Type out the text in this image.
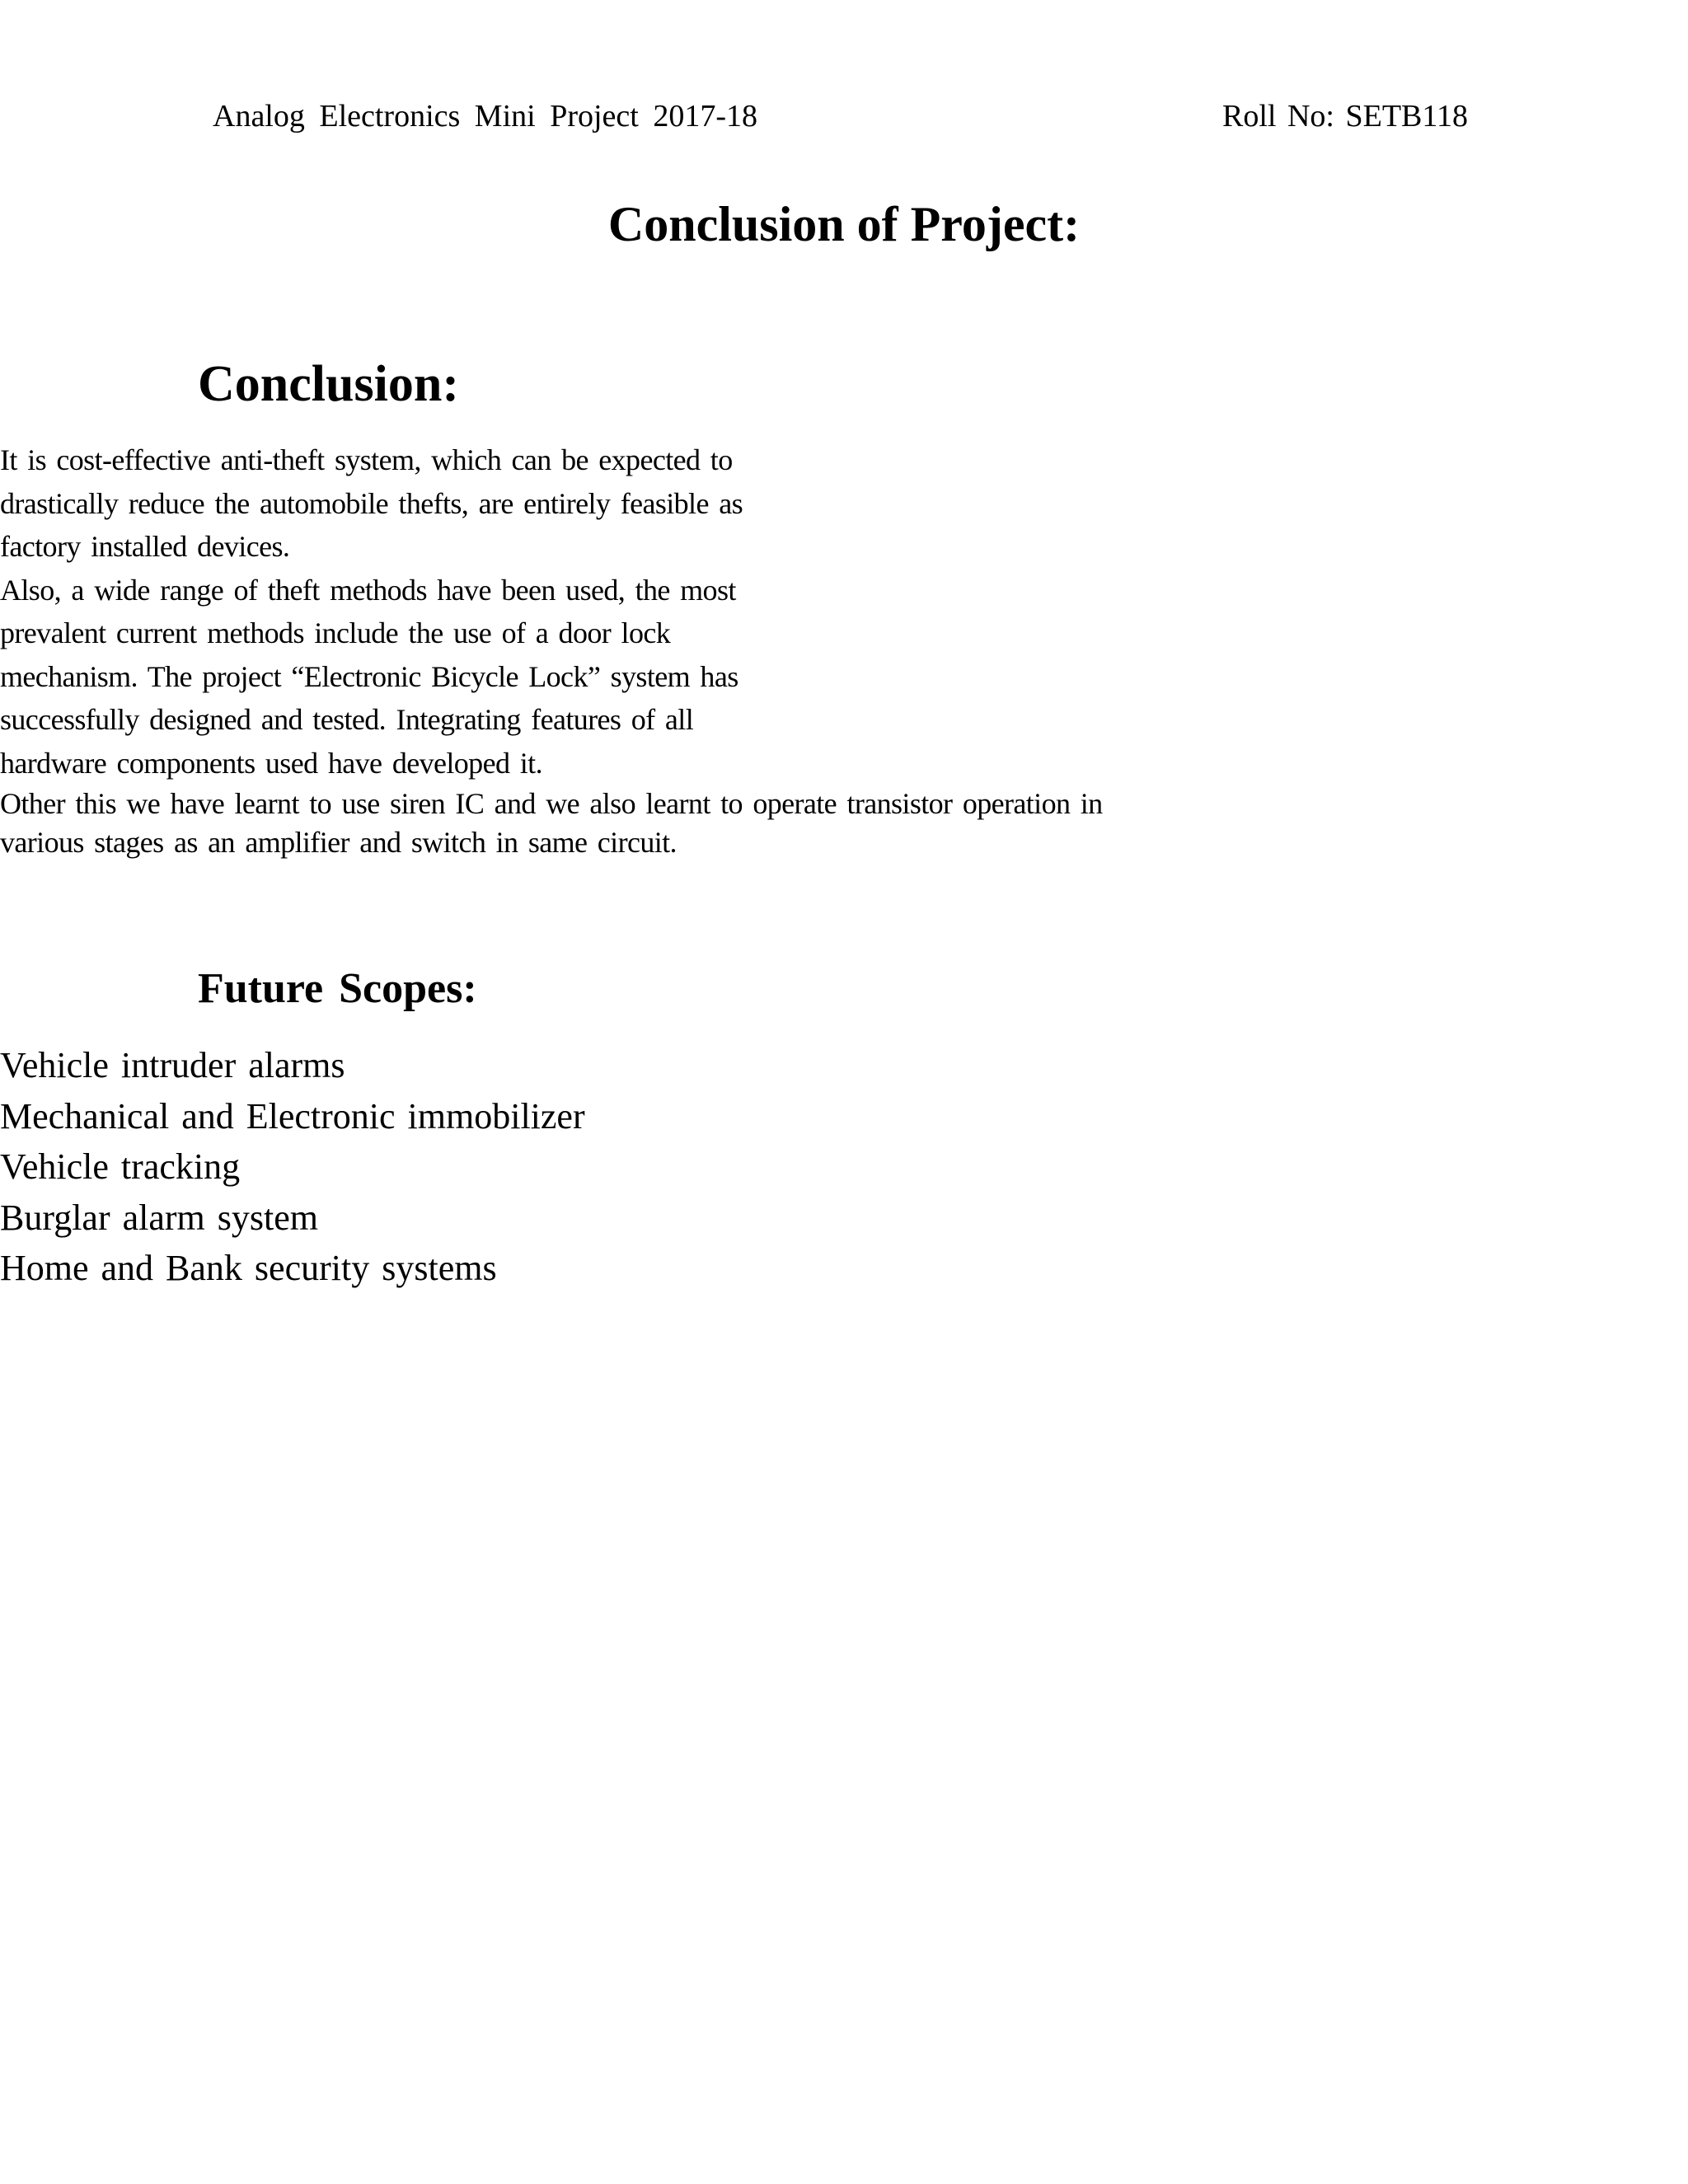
Analog Electronics Mini Project 2017-18	Roll No: SETB118
Conclusion of Project:
Conclusion:
It is cost-effective anti-theft system, which can be expected to
drastically reduce the automobile thefts, are entirely feasible as
factory installed devices.
Also, a wide range of theft methods have been used, the most
prevalent current methods include the use of a door lock
mechanism. The project “Electronic Bicycle Lock” system has
successfully designed and tested. Integrating features of all
hardware components used have developed it.
Other this we have learnt to use siren IC and we also learnt to operate transistor operation in various stages as an amplifier and switch in same circuit.
Future Scopes:
Vehicle intruder alarms
Mechanical and Electronic immobilizer
Vehicle tracking
Burglar alarm system
Home and Bank security systems
